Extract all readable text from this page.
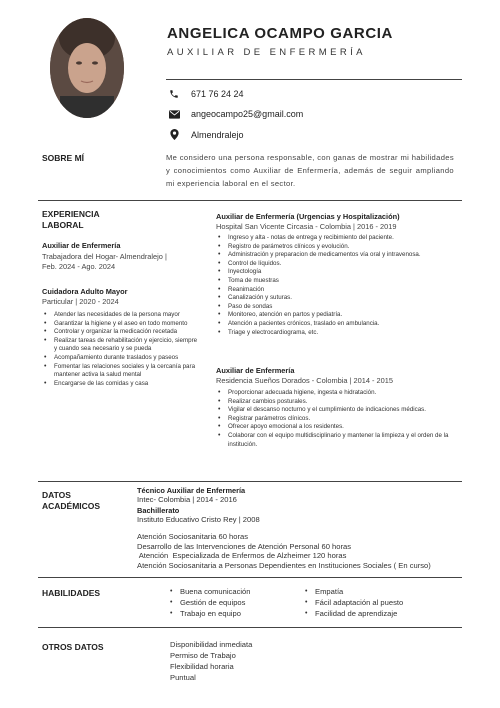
ANGELICA OCAMPO GARCIA
AUXILIAR DE ENFERMERÍA
671 76 24 24
angeocampo25@gmail.com
Almendralejo
SOBRE MÍ	Me considero una persona responsable, con ganas de mostrar mi habilidades y conocimientos como Auxiliar de Enfermería, además de seguir ampliando mi experiencia laboral en el sector.
EXPERIENCIA
LABORAL
Auxiliar de Enfermería
Trabajadora del Hogar- Almendralejo |
Feb. 2024 - Ago. 2024
Cuidadora Adulto Mayor
Particular | 2020 - 2024
• Atender las necesidades de la persona mayor
• Garantizar la higiene y el aseo en todo momento
• Controlar y organizar la medicación recetada
• Realizar tareas de rehabilitación y ejercicio, siempre y cuando sea necesario y se pueda
• Acompañamiento durante traslados y paseos
• Fomentar las relaciones sociales y la cercanía para mantener activa la salud mental
• Encargarse de las comidas y casa
Auxiliar de Enfermería (Urgencias y Hospitalización)
Hospital San Vicente Circasia - Colombia | 2016 - 2019
• Ingreso y alta - notas de entrega y recibimiento del paciente.
• Registro de parámetros clínicos y evolución.
• Administración y preparacion de medicamentos vía oral y intravenosa.
• Control de líquidos.
• Inyectología
• Toma de muestras
• Reanimación
• Canalización y suturas.
• Paso de sondas
• Monitoreo, atención en partos y pediatría.
• Atención a pacientes crónicos, traslado en ambulancia.
• Triage y electrocardiograma, etc.
Auxiliar de Enfermería
Residencia Sueños Dorados - Colombia | 2014 - 2015
• Proporcionar adecuada higiene, ingesta e hidratación.
• Realizar cambios posturales.
• Vigilar el descanso nocturno y el cumplimiento de indicaciones médicas.
• Registrar parámetros clínicos.
• Ofrecer apoyo emocional a los residentes.
• Colaborar con el equipo multidisciplinario y mantener la limpieza y el orden de la institución.
DATOS
ACADÉMICOS
Técnico Auxiliar de Enfermería
Intec- Colombia | 2014 - 2016
Bachillerato
Instituto Educativo Cristo Rey | 2008
Atención Sociosanitaria 60 horas
Desarrollo de las Intervenciones de Atención Personal 60 horas
Atención  Especializada de Enfermos de Alzheimer 120 horas
Atención Sociosanitaria a Personas Dependientes en Instituciones Sociales ( En curso)
HABILIDADES
•	Buena comunicación
• Gestión de equipos
• Trabajo en equipo
• Empatía
• Fácil adaptación al puesto
• Facilidad de aprendizaje
OTROS DATOS	Disponibilidad inmediata
Permiso de Trabajo
Flexibilidad horaria
Puntual
